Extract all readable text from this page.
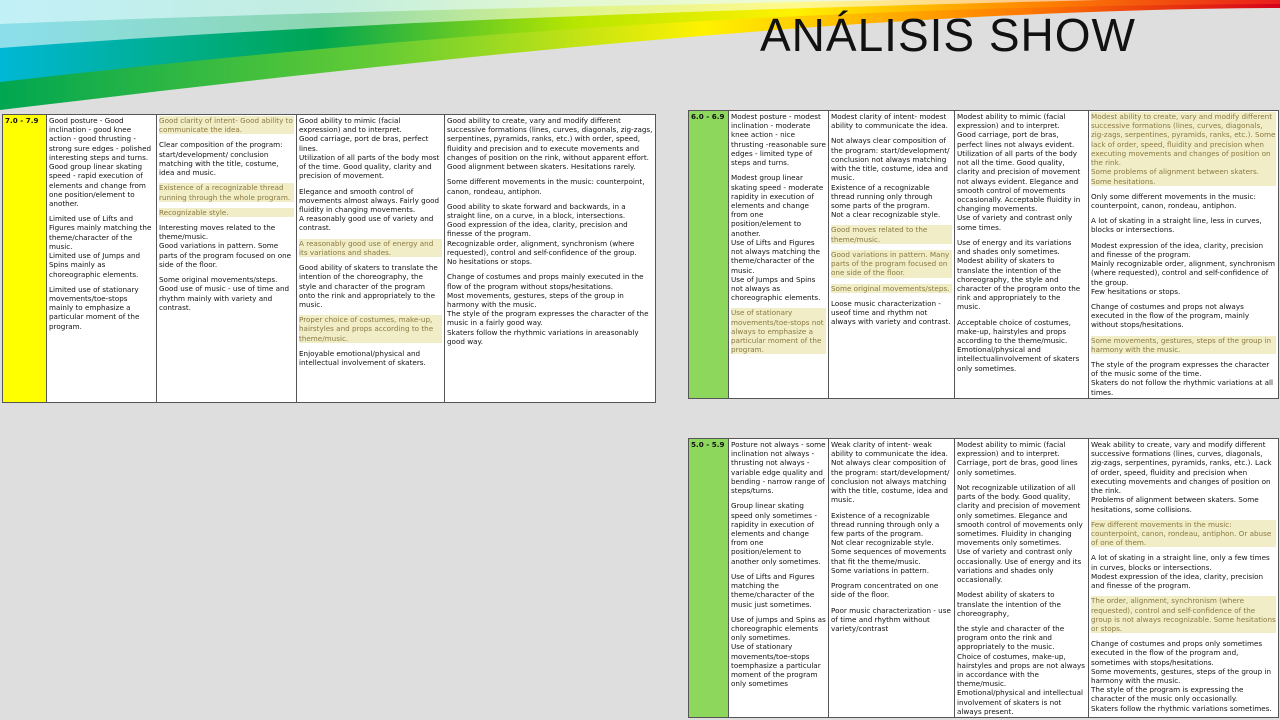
ANÁLISIS SHOW
7.0 - 7.9	Good posture - Good inclination - good knee action - good thrusting - strong sure edges - polished interesting steps and turns.
Good group linear skating speed - rapid execution of elements and change from one position/element to another.
Limited use of Lifts and Figures mainly matching the theme/character of the music.
Limited use of Jumps and Spins mainly as choreographic elements.
Limited use of stationary movements/toe-stops mainly to emphasize a particular moment of the program.

Good clarity of intent- Good ability to communicate the idea.
Clear composition of the program: start/development/ conclusion matching with the title, costume, idea and music.
Existence of a recognizable thread running through the whole program.
Recognizable style.
Interesting moves related to the theme/music.
Good variations in pattern. Some parts of the program focused on one side of the floor.
Some original movements/steps.
Good use of music - use of time and rhythm mainly with variety and contrast.

Good ability to mimic (facial expression) and to interpret.
Good carriage, port de bras, perfect lines.
Utilization of all parts of the body most of the time. Good quality, clarity and precision of movement.
Elegance and smooth control of movements almost always. Fairly good fluidity in changing movements.
A reasonably good use of variety and contrast.
A reasonably good use of energy and its variations and shades.
Good ability of skaters to translate the intention of the choreography, the style and character of the program onto the rink and appropriately to the music.
Proper choice of costumes, make-up, hairstyles and props according to the theme/music.
Enjoyable emotional/physical and intellectual involvement of skaters.

Good ability to create, vary and modify different successive formations (lines, curves, diagonals, zig-zags, serpentines, pyramids, ranks, etc.) with order, speed, fluidity and precision and to execute movements and changes of position on the rink, without apparent effort.
Good alignment between skaters. Hesitations rarely.
Some different movements in the music: counterpoint, canon, rondeau, antiphon.
Good ability to skate forward and backwards, in a straight line, on a curve, in a block, intersections.
Good expression of the idea, clarity, precision and finesse of the program.
Recognizable order, alignment, synchronism (where requested), control and self-confidence of the group.
No hesitations or stops.
Change of costumes and props mainly executed in the flow of the program without stops/hesitations.
Most movements, gestures, steps of the group in harmony with the music.
The style of the program expresses the character of the music in a fairly good way.
Skaters follow the rhythmic variations in areasonably good way.
6.0 - 6.9	Modest posture - modest inclination - moderate knee action - nice thrusting -reasonable sure edges - limited type of steps and turns.
Modest group linear skating speed - moderate rapidity in execution of elements and change from one position/element to another.
Use of Lifts and Figures not always matching the theme/character of the music.
Use of Jumps and Spins not always as choreographic elements.
Use of stationary movements/toe-stops not always to emphasize a particular moment of the program.

Modest clarity of intent- modest ability to communicate the idea.
Not always clear composition of the program: start/development/ conclusion not always matching with the title, costume, idea and music.
Existence of a recognizable thread running only through some parts of the program.
Not a clear recognizable style.
Good moves related to the theme/music.
Good variations in pattern. Many parts of the program focused on one side of the floor.
Some original movements/steps.
Loose music characterization - useof time and rhythm not always with variety and contrast.

Modest ability to mimic (facial expression) and to interpret.
Good carriage, port de bras, perfect lines not always evident.
Utilization of all parts of the body not all the time. Good quality, clarity and precision of movement not always evident. Elegance and smooth control of movements occasionally. Acceptable fluidity in changing movements.
Use of variety and contrast only some times.
Use of energy and its variations and shades only sometimes.
Modest ability of skaters to translate the intention of the choreography, the style and character of the program onto the rink and appropriately to the music.
Acceptable choice of costumes, make-up, hairstyles and props according to the theme/music.
Emotional/physical and intellectualinvolvement of skaters only sometimes.

Modest ability to create, vary and modify different successive formations (lines, curves, diagonals, zig-zags, serpentines, pyramids, ranks, etc.). Some lack of order, speed, fluidity and precision when executing movements and changes of position on the rink.
Some problems of alignment between skaters. Some hesitations.
Only some different movements in the music: counterpoint, canon, rondeau, antiphon.
A lot of skating in a straight line, less in curves, blocks or intersections.
Modest expression of the idea, clarity, precision and finesse of the program.
Mainly recognizable order, alignment, synchronism (where requested), control and self-confidence of the group.
Few hesitations or stops.
Change of costumes and props not always executed in the flow of the program, mainly without stops/hesitations.
Some movements, gestures, steps of the group in harmony with the music.
The style of the program expresses the character of the music some of the time.
Skaters do not follow the rhythmic variations at all times.
5.0 - 5.9	Posture not always - some inclination not always - thrusting not always - variable edge quality and bending - narrow range of steps/turns.
Group linear skating speed only sometimes - rapidity in execution of elements and change from one position/element to another only sometimes.
Use of Lifts and Figures matching the theme/character of the music just sometimes.
Use of jumps and Spins as choreographic elements only sometimes.
Use of stationary movements/toe-stops toemphasize a particular moment of the program only sometimes

Weak clarity of intent- weak ability to communicate the idea.
Not always clear composition of the program: start/development/ conclusion not always matching with the title, costume, idea and music.
Existence of a recognizable thread running through only a few parts of the program.
Not clear recognizable style.
Some sequences of movements that fit the theme/music.
Some variations in pattern.
Program concentrated on one side of the floor.
Poor music characterization - use of time and rhythm without variety/contrast

Modest ability to mimic (facial expression) and to interpret.
Carriage, port de bras, good lines only sometimes.
Not recognizable utilization of all parts of the body. Good quality, clarity and precision of movement only sometimes. Elegance and smooth control of movements only sometimes. Fluidity in changing movements only sometimes.
Use of variety and contrast only occasionally. Use of energy and its variations and shades only occasionally.
Modest ability of skaters to translate the intention of the choreography,
the style and character of the program onto the rink and appropriately to the music.
Choice of costumes, make-up, hairstyles and props are not always in accordance with the theme/music.
Emotional/physical and intellectual involvement of skaters is not always present.

Weak ability to create, vary and modify different successive formations (lines, curves, diagonals, zig-zags, serpentines, pyramids, ranks, etc.). Lack of order, speed, fluidity and precision when executing movements and changes of position on the rink.
Problems of alignment between skaters. Some hesitations, some collisions.
Few different movements in the music: counterpoint, canon, rondeau, antiphon. Or abuse of one of them.
A lot of skating in a straight line, only a few times in curves, blocks or intersections.
Modest expression of the idea, clarity, precision and finesse of the program.
The order, alignment, synchronism (where requested), control and self-confidence of the group is not always recognizable. Some hesitations or stops.
Change of costumes and props only sometimes executed in the flow of the program and, sometimes with stops/hesitations.
Some movements, gestures, steps of the group in harmony with the music.
The style of the program is expressing the character of the music only occasionally.
Skaters follow the rhythmic variations sometimes.
